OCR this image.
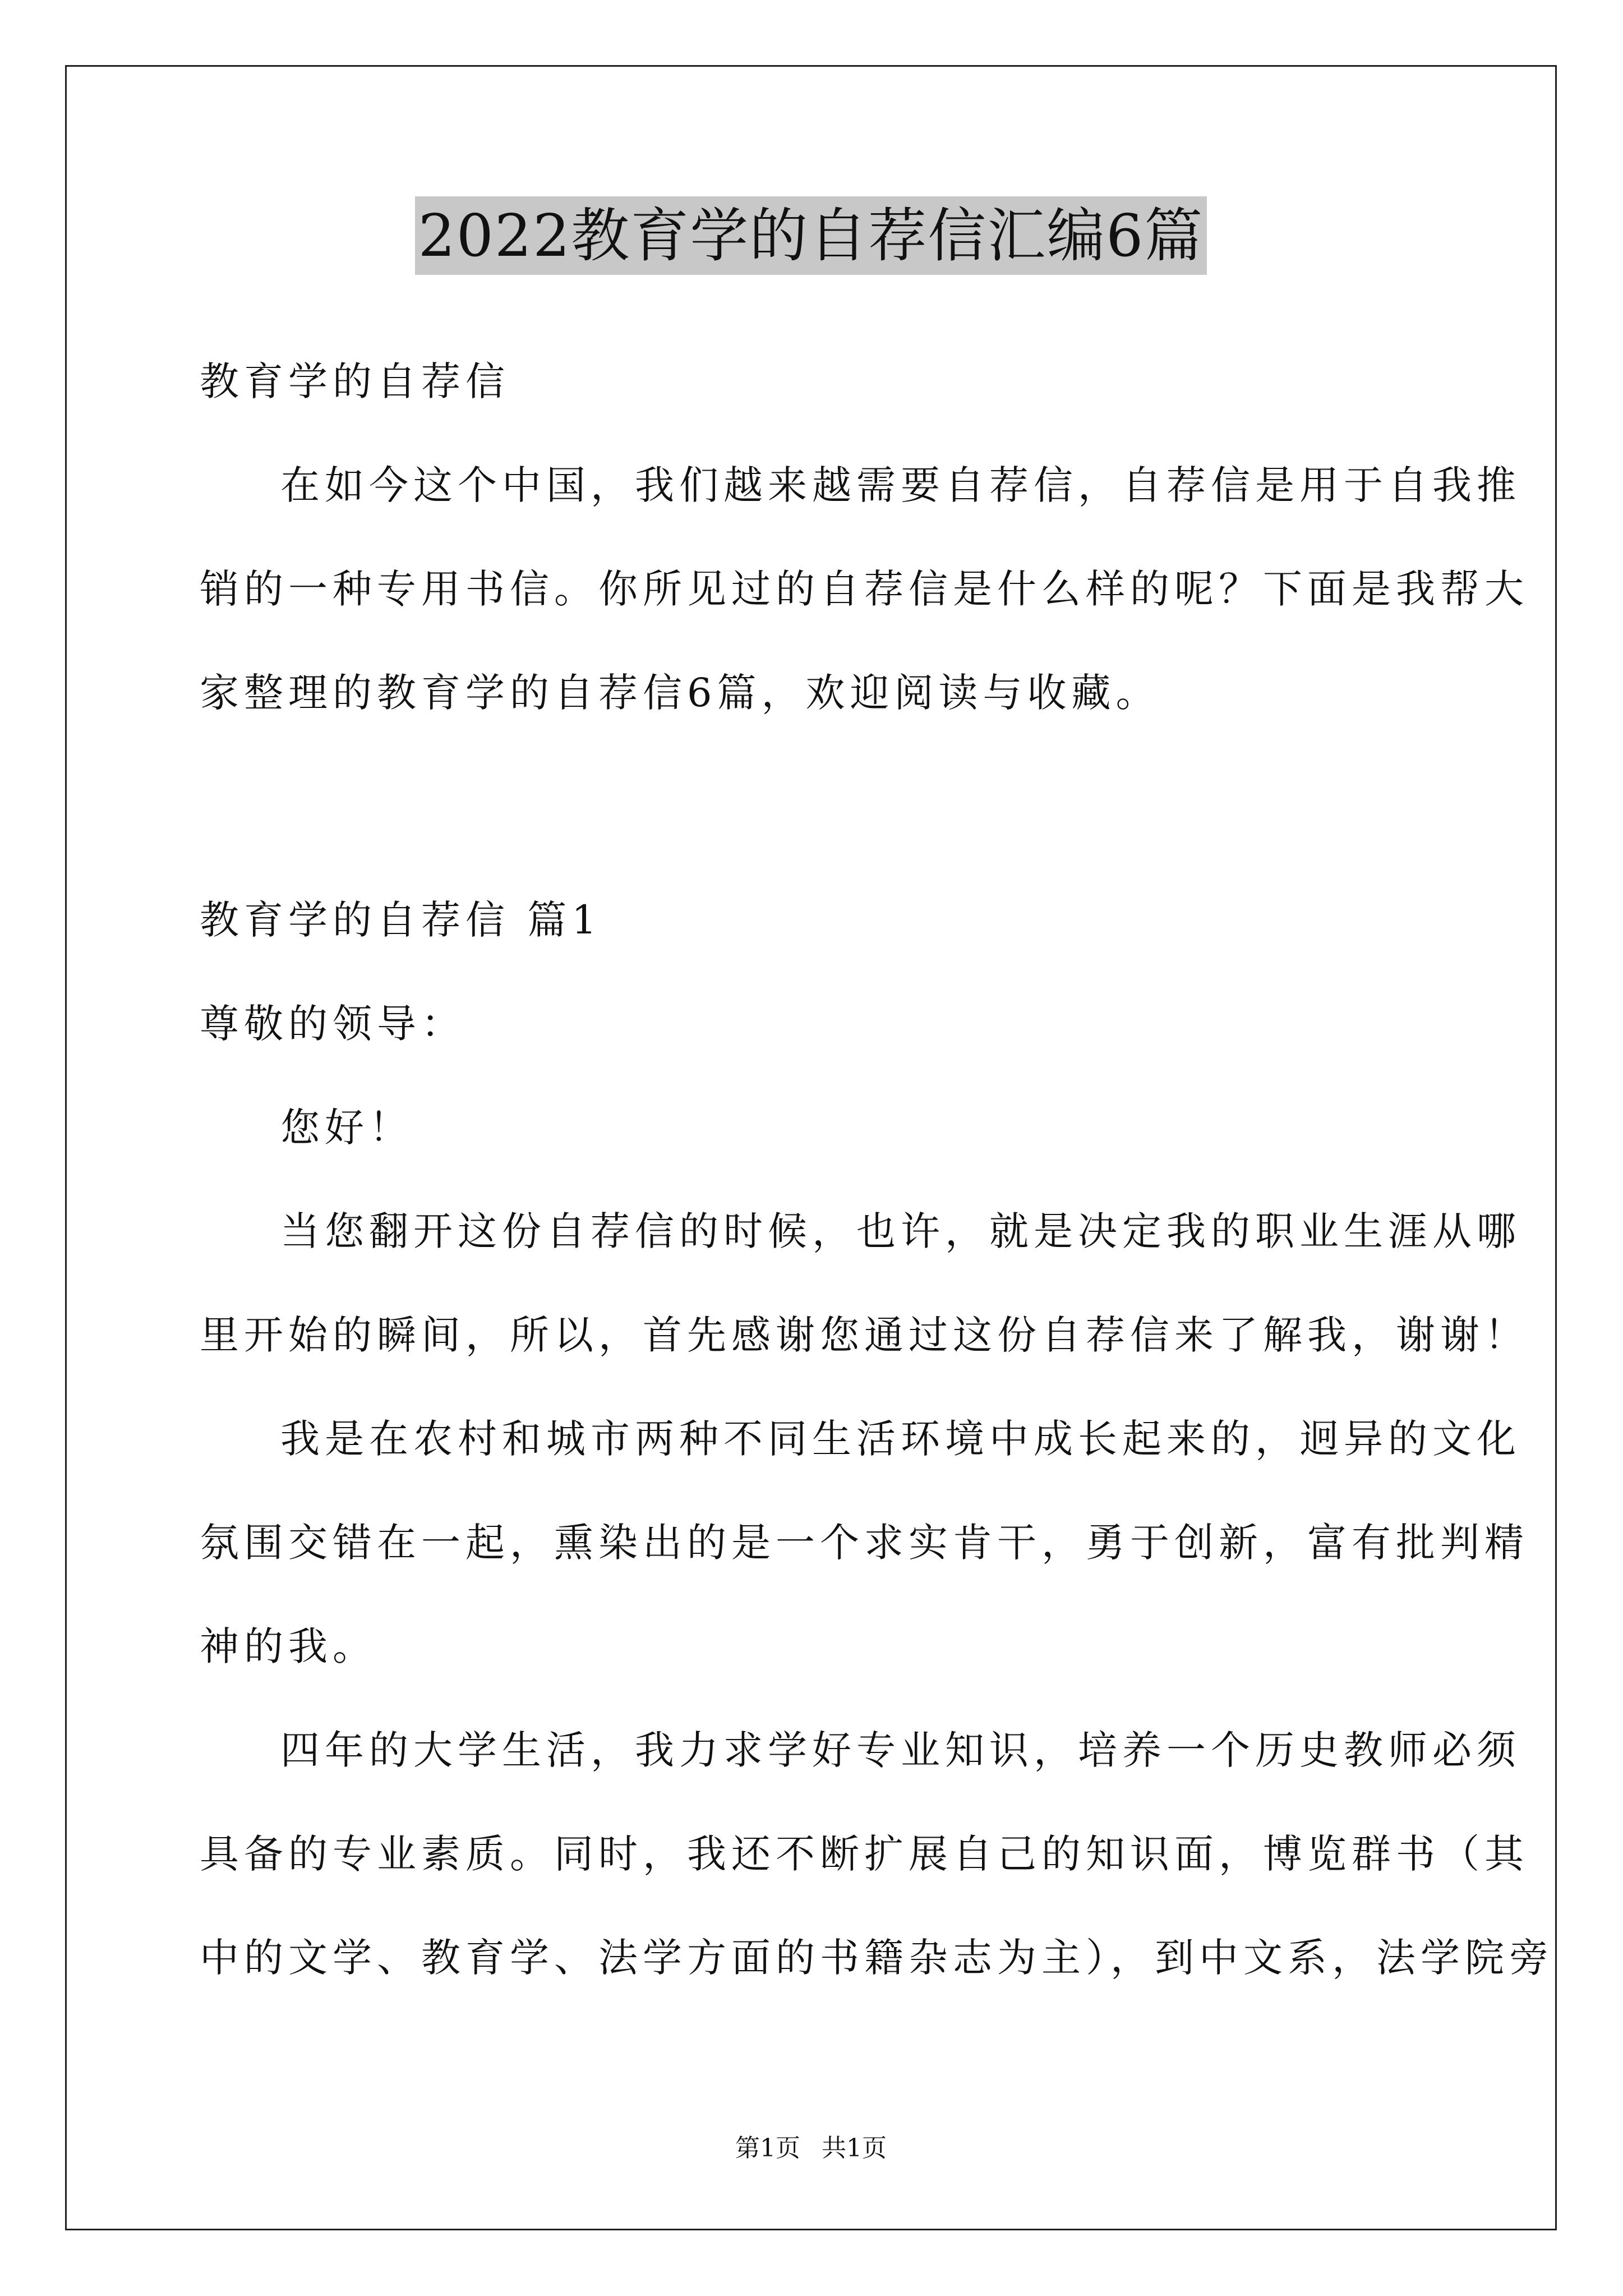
2022教育学的自荐信汇编6篇
教育学的自荐信
在如今这个中国，我们越来越需要自荐信，自荐信是用于自我推
销的一种专用书信。你所见过的自荐信是什么样的呢？下面是我帮大
家整理的教育学的自荐信6篇，欢迎阅读与收藏。
教育学的自荐信 篇1
尊敬的领导：
您好！
当您翻开这份自荐信的时候，也许，就是决定我的职业生涯从哪
里开始的瞬间，所以，首先感谢您通过这份自荐信来了解我，谢谢！
我是在农村和城市两种不同生活环境中成长起来的，迥异的文化
氛围交错在一起，熏染出的是一个求实肯干，勇于创新，富有批判精
神的我。
四年的大学生活，我力求学好专业知识，培养一个历史教师必须
具备的专业素质。同时，我还不断扩展自己的知识面，博览群书（其
中的文学、教育学、法学方面的书籍杂志为主），到中文系，法学院旁
第1页 共1页
